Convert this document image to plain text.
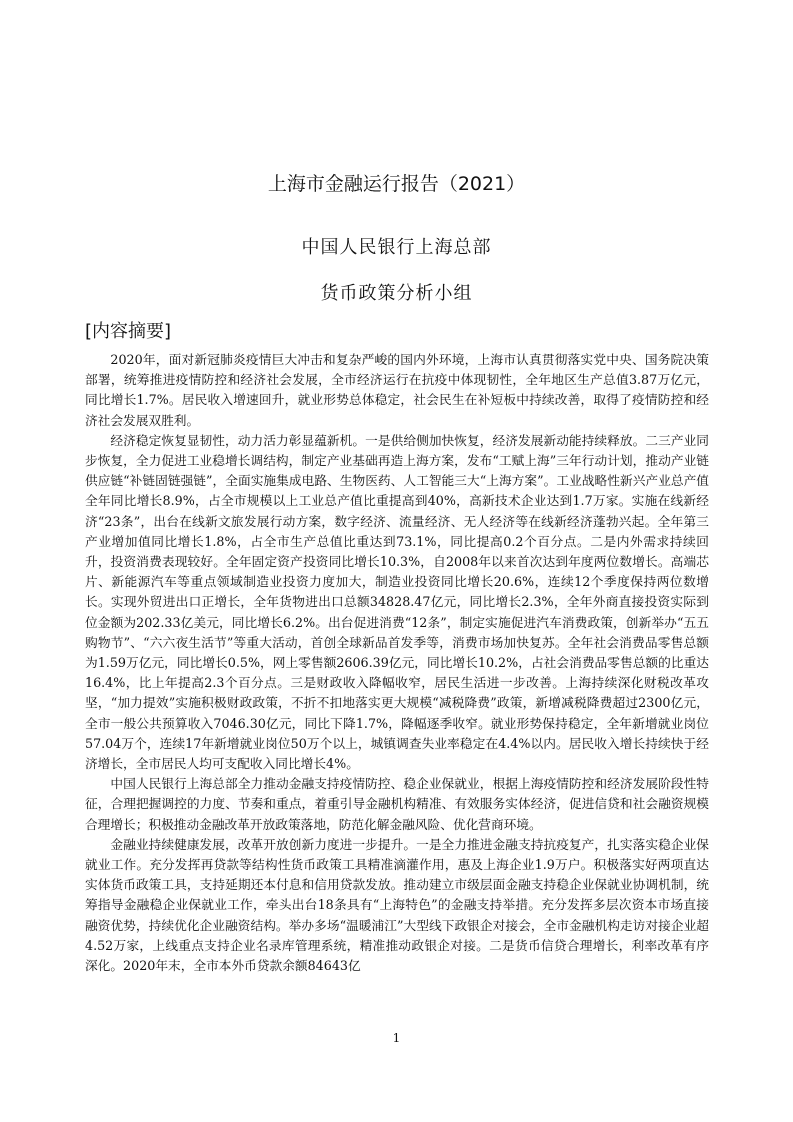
上海市金融运行报告（2021）
中国人民银行上海总部
货币政策分析小组
[内容摘要]

2020年，面对新冠肺炎疫情巨大冲击和复杂严峻的国内外环境，上海市认真贯彻落实党中央、国务院决策部署，统筹推进疫情防控和经济社会发展，全市经济运行在抗疫中体现韧性，全年地区生产总值3.87万亿元，同比增长1.7%。居民收入增速回升，就业形势总体稳定，社会民生在补短板中持续改善，取得了疫情防控和经济社会发展双胜利。

经济稳定恢复显韧性，动力活力彰显蕴新机。一是供给侧加快恢复，经济发展新动能持续释放。二三产业同步恢复，全力促进工业稳增长调结构，制定产业基础再造上海方案，发布“工赋上海”三年行动计划，推动产业链供应链“补链固链强链”，全面实施集成电路、生物医药、人工智能三大“上海方案”。工业战略性新兴产业总产值全年同比增长8.9%，占全市规模以上工业总产值比重提高到40%，高新技术企业达到1.7万家。实施在线新经济“23条”，出台在线新文旅发展行动方案，数字经济、流量经济、无人经济等在线新经济蓬勃兴起。全年第三产业增加值同比增长1.8%，占全市生产总值比重达到73.1%，同比提高0.2个百分点。二是内外需求持续回升，投资消费表现较好。全年固定资产投资同比增长10.3%，自2008年以来首次达到年度两位数增长。高端芯片、新能源汽车等重点领域制造业投资力度加大，制造业投资同比增长20.6%，连续12个季度保持两位数增长。实现外贸进出口正增长，全年货物进出口总额34828.47亿元，同比增长2.3%，全年外商直接投资实际到位金额为202.33亿美元，同比增长6.2%。出台促进消费“12条”，制定实施促进汽车消费政策，创新举办“五五购物节”、“六六夜生活节”等重大活动，首创全球新品首发季等，消费市场加快复苏。全年社会消费品零售总额为1.59万亿元，同比增长0.5%，网上零售额2606.39亿元，同比增长10.2%，占社会消费品零售总额的比重达16.4%，比上年提高2.3个百分点。三是财政收入降幅收窄，居民生活进一步改善。上海持续深化财税改革攻坚，“加力提效”实施积极财政政策，不折不扣地落实更大规模“减税降费”政策，新增减税降费超过2300亿元，全市一般公共预算收入7046.30亿元，同比下降1.7%，降幅逐季收窄。就业形势保持稳定，全年新增就业岗位57.04万个，连续17年新增就业岗位50万个以上，城镇调查失业率稳定在4.4%以内。居民收入增长持续快于经济增长，全市居民人均可支配收入同比增长4%。

中国人民银行上海总部全力推动金融支持疫情防控、稳企业保就业，根据上海疫情防控和经济发展阶段性特征，合理把握调控的力度、节奏和重点，着重引导金融机构精准、有效服务实体经济，促进信贷和社会融资规模合理增长；积极推动金融改革开放政策落地，防范化解金融风险、优化营商环境。

金融业持续健康发展，改革开放创新力度进一步提升。一是全力推进金融支持抗疫复产，扎实落实稳企业保就业工作。充分发挥再贷款等结构性货币政策工具精准滴灌作用，惠及上海企业1.9万户。积极落实好两项直达实体货币政策工具，支持延期还本付息和信用贷款发放。推动建立市级层面金融支持稳企业保就业协调机制，统筹指导金融稳企业保就业工作，牵头出台18条具有“上海特色”的金融支持举措。充分发挥多层次资本市场直接融资优势，持续优化企业融资结构。举办多场“温暖浦江”大型线下政银企对接会，全市金融机构走访对接企业超4.52万家，上线重点支持企业名录库管理系统，精准推动政银企对接。二是货币信贷合理增长，利率改革有序深化。2020年末，全市本外币贷款余额84643亿

1
